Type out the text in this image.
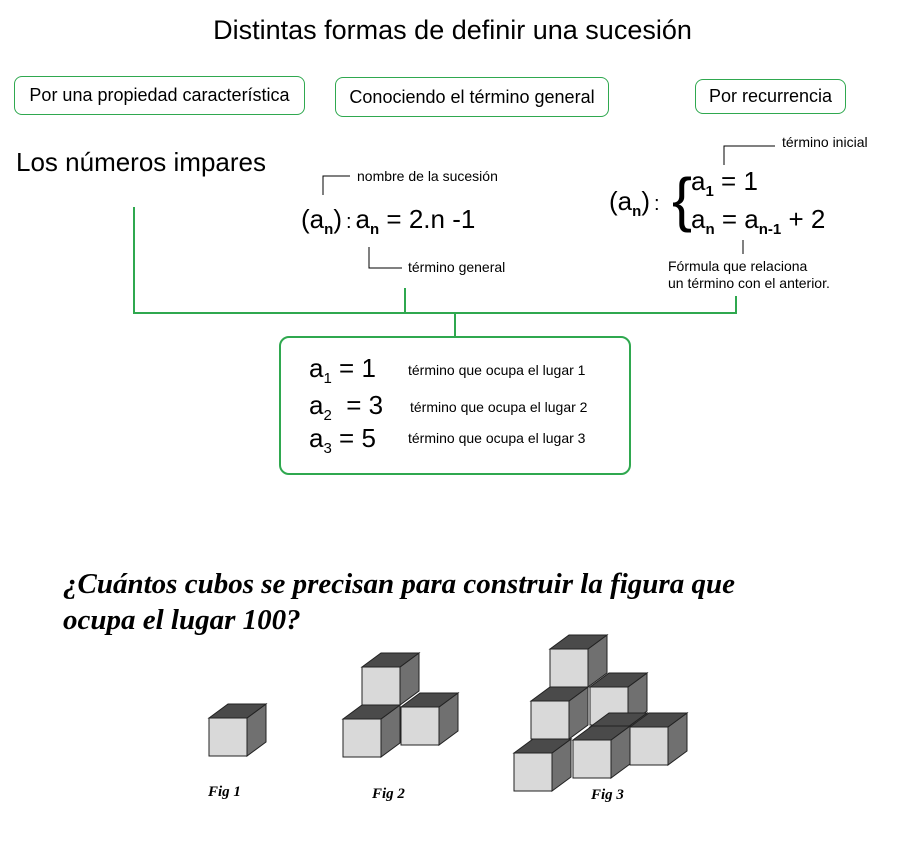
Distintas formas de definir una sucesión
Por una propiedad característica	Conociendo el término general	Por recurrencia
Los números impares	nombre de la sucesión
$(a_n)$ : $a_n = 2.n$ -1
término general
término inicial
$(a_n)$ : {
$a_1 = 1$
$a_n = a_{n-1} + 2$
Fórmula que relaciona
un término con el anterior.
$a_1 = 1$ término que ocupa el lugar 1
$a_2 = 3$ término que ocupa el lugar 2
$a_3 = 5$ término que ocupa el lugar 3
¿Cuántos cubos se precisan para construir la figura que
ocupa el lugar 100?
Fig 1	Fig 2	Fig 3
